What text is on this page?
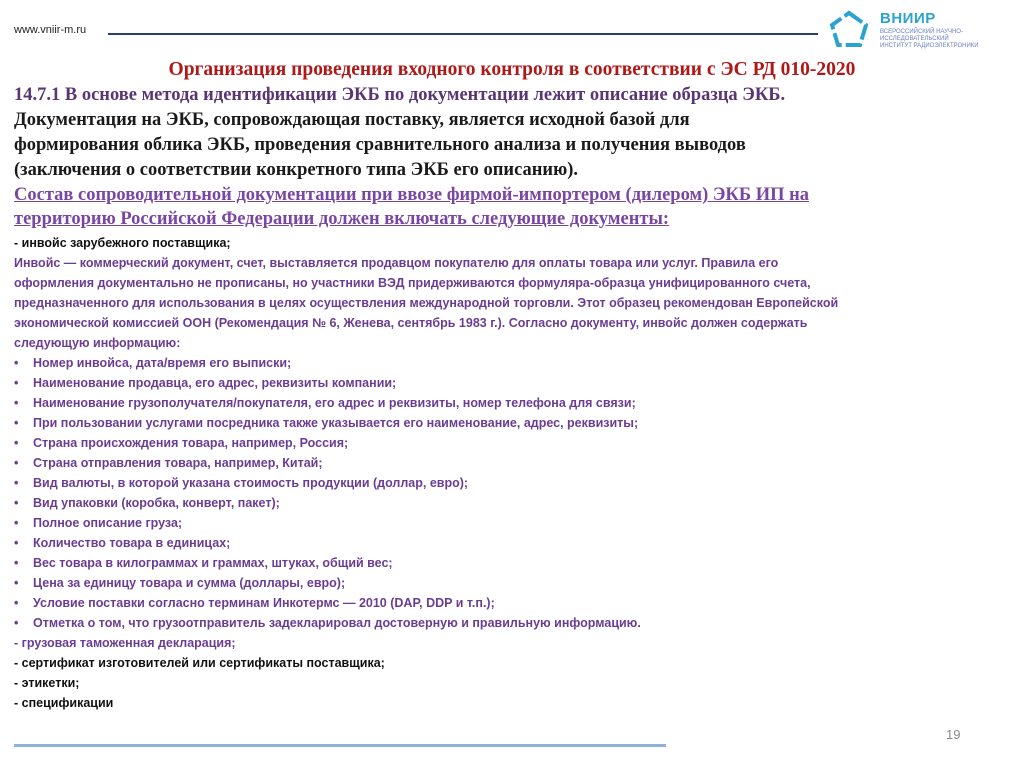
www.vniir-m.ru
ВНИИР
ВСЕРОССИЙСКИЙ НАУЧНО-ИССЛЕДОВАТЕЛЬСКИЙ
ИНСТИТУТ РАДИОЭЛЕКТРОНИКИ
Организация проведения входного контроля в соответствии с ЭС РД 010-2020

14.7.1 В основе метода идентификации ЭКБ по документации лежит описание образца ЭКБ.
Документация на ЭКБ, сопровождающая поставку, является исходной базой для
формирования облика ЭКБ, проведения сравнительного анализа и получения выводов
(заключения о соответствии конкретного типа ЭКБ его описанию).

Состав сопроводительной документации при ввозе фирмой-импортером (дилером) ЭКБ ИП на
территорию Российской Федерации должен включать следующие документы:

- инвойс зарубежного поставщика;

Инвойс — коммерческий документ, счет, выставляется продавцом покупателю для оплаты товара или услуг. Правила его

оформления документально не прописаны, но участники ВЭД придерживаются формуляра-образца унифицированного счета,

предназначенного для использования в целях осуществления международной торговли. Этот образец рекомендован Европейской

экономической комиссией ООН (Рекомендация № 6, Женева, сентябрь 1983 г.). Согласно документу, инвойс должен содержать

следующую информацию:

•	Номер инвойса, дата/время его выписки;
•	Наименование продавца, его адрес, реквизиты компании;
•	Наименование грузополучателя/покупателя, его адрес и реквизиты, номер телефона для связи;
•	При пользовании услугами посредника также указывается его наименование, адрес, реквизиты;
•	Страна происхождения товара, например, Россия;
•	Страна отправления товара, например, Китай;
•	Вид валюты, в которой указана стоимость продукции (доллар, евро);
•	Вид упаковки (коробка, конверт, пакет);
•	Полное описание груза;
•	Количество товара в единицах;
•	Вес товара в килограммах и граммах, штуках, общий вес;
•	Цена за единицу товара и сумма (доллары, евро);
•	Условие поставки согласно терминам Инкотермс — 2010 (DAP, DDP и т.п.);
•	Отметка о том, что грузоотправитель задекларировал достоверную и правильную информацию.

- грузовая таможенная декларация;

- сертификат изготовителей или сертификаты поставщика;

- этикетки;

- спецификации

19
